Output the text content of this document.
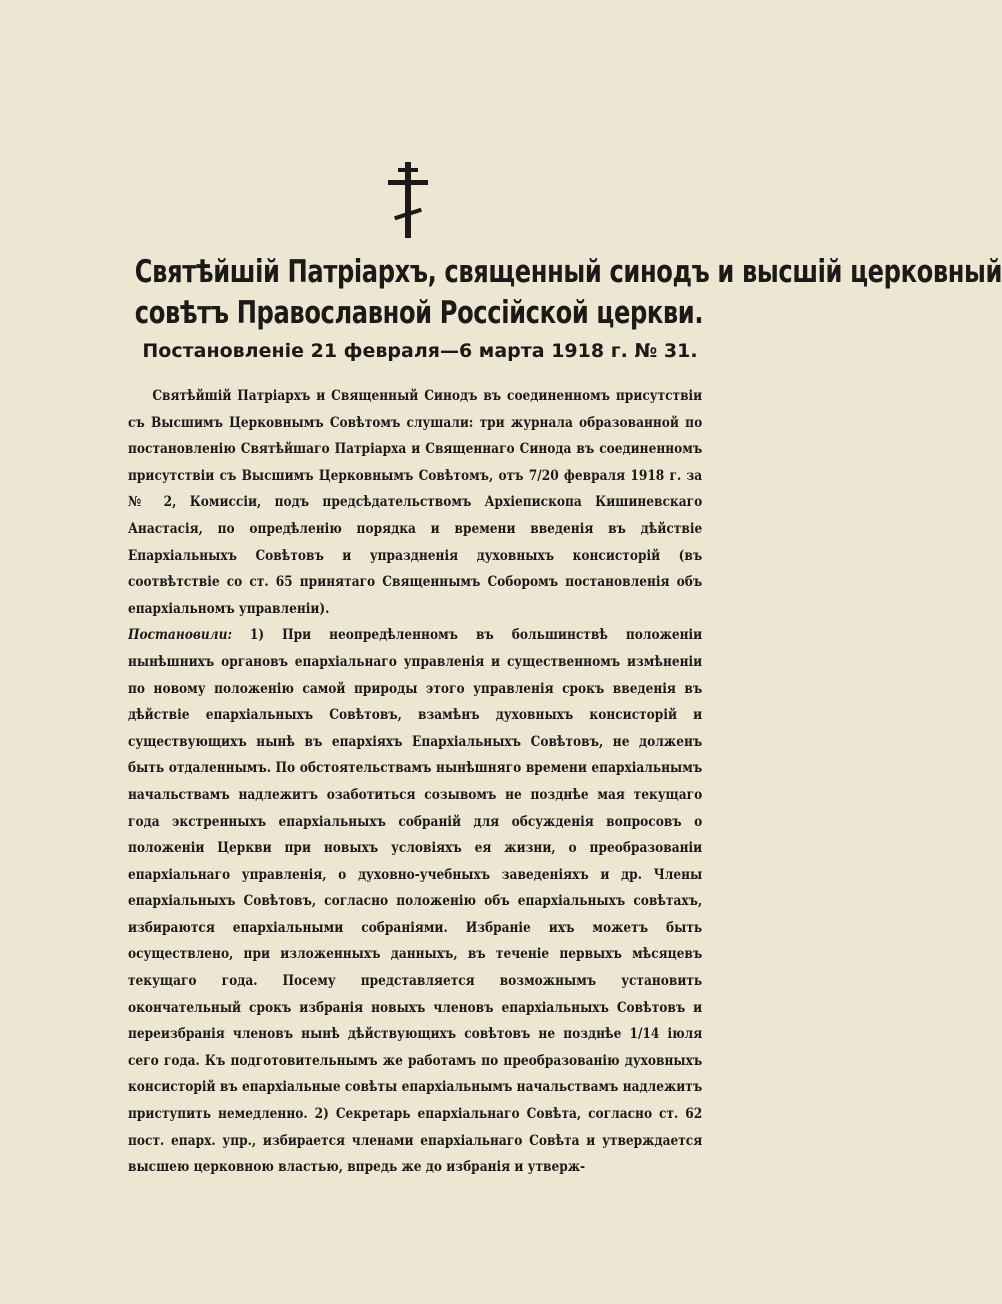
Святѣйшій Патріархъ, священный синодъ и высшій церковный
совѣтъ Православной Россійской церкви.
Постановленіе 21 февраля—6 марта 1918 г. № 31.
Святѣйшій Патріархъ и Священный Синодъ въ соединенномъ присутствіи съ Высшимъ Церковнымъ Совѣтомъ слушали: три журнала образованной по постановленію Святѣйшаго Патріарха и Священнаго Синода въ соединенномъ присутствіи съ Высшимъ Церковнымъ Совѣтомъ, отъ 7/20 февраля 1918 г. за № 2, Комиссіи, подъ предсѣдательствомъ Архіепископа Кишиневскаго Анастасія, по опредѣленію порядка и времени введенія въ дѣйствіе Епархіальныхъ Совѣтовъ и упраздненія духовныхъ консисторій (въ соотвѣтствіе со ст. 65 принятаго Священнымъ Соборомъ постановленія объ епархіальномъ управленіи).
Постановили: 1) При неопредѣленномъ въ большинствѣ положеніи нынѣшнихъ органовъ епархіальнаго управленія и существенномъ измѣненіи по новому положенію самой природы этого управленія срокъ введенія въ дѣйствіе епархіальныхъ Совѣтовъ, взамѣнъ духовныхъ консисторій и существующихъ нынѣ въ епархіяхъ Епархіальныхъ Совѣтовъ, не долженъ быть отдаленнымъ. По обстоятельствамъ нынѣшняго времени епархіальнымъ начальствамъ надлежитъ озаботиться созывомъ не позднѣе мая текущаго года экстренныхъ епархіальныхъ собраній для обсужденія вопросовъ о положеніи Церкви при новыхъ условіяхъ ея жизни, о преобразованіи епархіальнаго управленія, о духовно-учебныхъ заведеніяхъ и др. Члены епархіальныхъ Совѣтовъ, согласно положенію объ епархіальныхъ совѣтахъ, избираются епархіальными собраніями. Избраніе ихъ можетъ быть осуществлено, при изложенныхъ данныхъ, въ теченіе первыхъ мѣсяцевъ текущаго года. Посему представляется возможнымъ установить окончательный срокъ избранія новыхъ членовъ епархіальныхъ Совѣтовъ и переизбранія членовъ нынѣ дѣйствующихъ совѣтовъ не позднѣе 1/14 іюля сего года. Къ подготовительнымъ же работамъ по преобразованію духовныхъ консисторій въ епархіальные совѣты епархіальнымъ начальствамъ надлежитъ приступить немедленно. 2) Секретарь епархіальнаго Совѣта, согласно ст. 62 пост. епарх. упр., избирается членами епархіальнаго Совѣта и утверждается высшею церковною властью, впредь же до избранія и утверж-
